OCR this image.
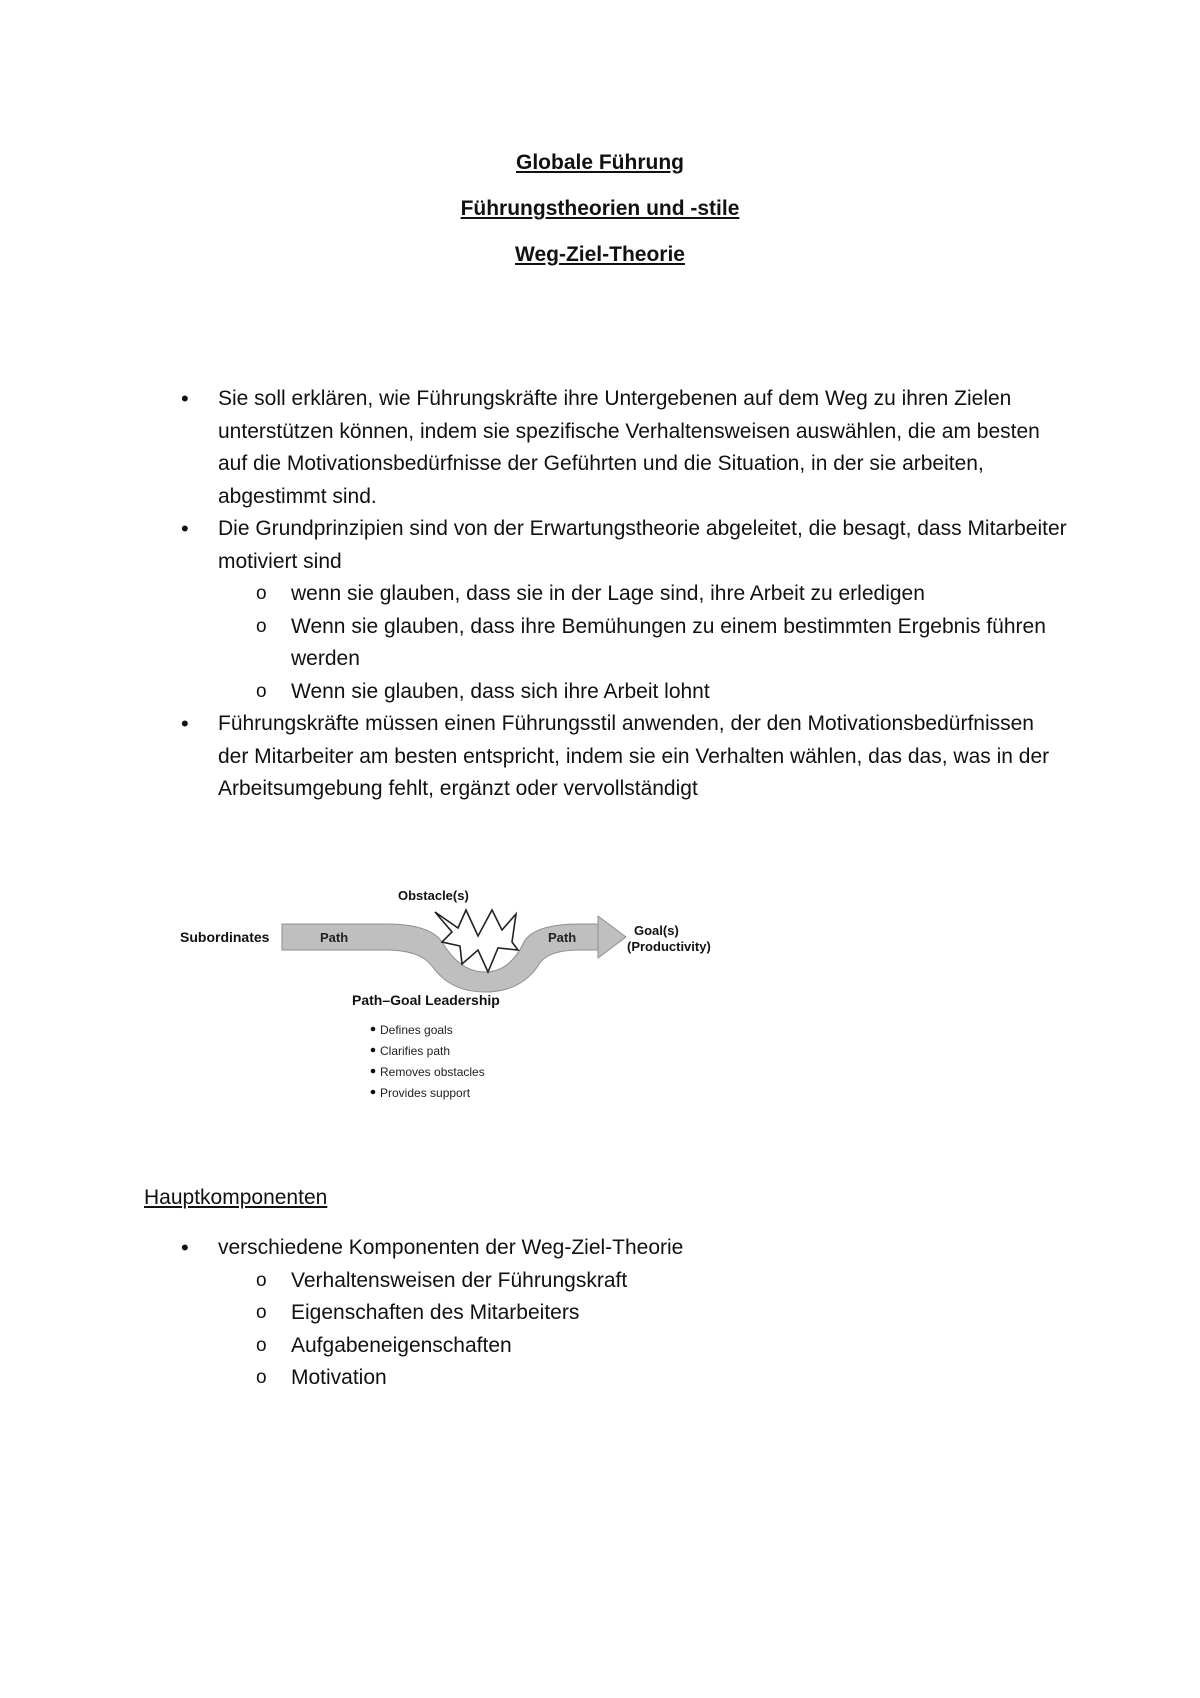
Globale Führung

Führungstheorien und -stile

Weg-Ziel-Theorie

• Sie soll erklären, wie Führungskräfte ihre Untergebenen auf dem Weg zu ihren Zielen unterstützen können, indem sie spezifische Verhaltensweisen auswählen, die am besten auf die Motivationsbedürfnisse der Geführten und die Situation, in der sie arbeiten, abgestimmt sind.
• Die Grundprinzipien sind von der Erwartungstheorie abgeleitet, die besagt, dass Mitarbeiter motiviert sind
o wenn sie glauben, dass sie in der Lage sind, ihre Arbeit zu erledigen
o Wenn sie glauben, dass ihre Bemühungen zu einem bestimmten Ergebnis führen werden
o Wenn sie glauben, dass sich ihre Arbeit lohnt
• Führungskräfte müssen einen Führungsstil anwenden, der den Motivationsbedürfnissen der Mitarbeiter am besten entspricht, indem sie ein Verhalten wählen, das das, was in der Arbeitsumgebung fehlt, ergänzt oder vervollständigt
Subordinates	Path	Path
Obstacle(s)
Goal(s)
(Productivity)
Path–Goal Leadership
Defines goals
Clarifies path
Removes obstacles
Provides support

Hauptkomponenten

• verschiedene Komponenten der Weg-Ziel-Theorie
o Verhaltensweisen der Führungskraft
o Eigenschaften des Mitarbeiters
o Aufgabeneigenschaften
o Motivation
